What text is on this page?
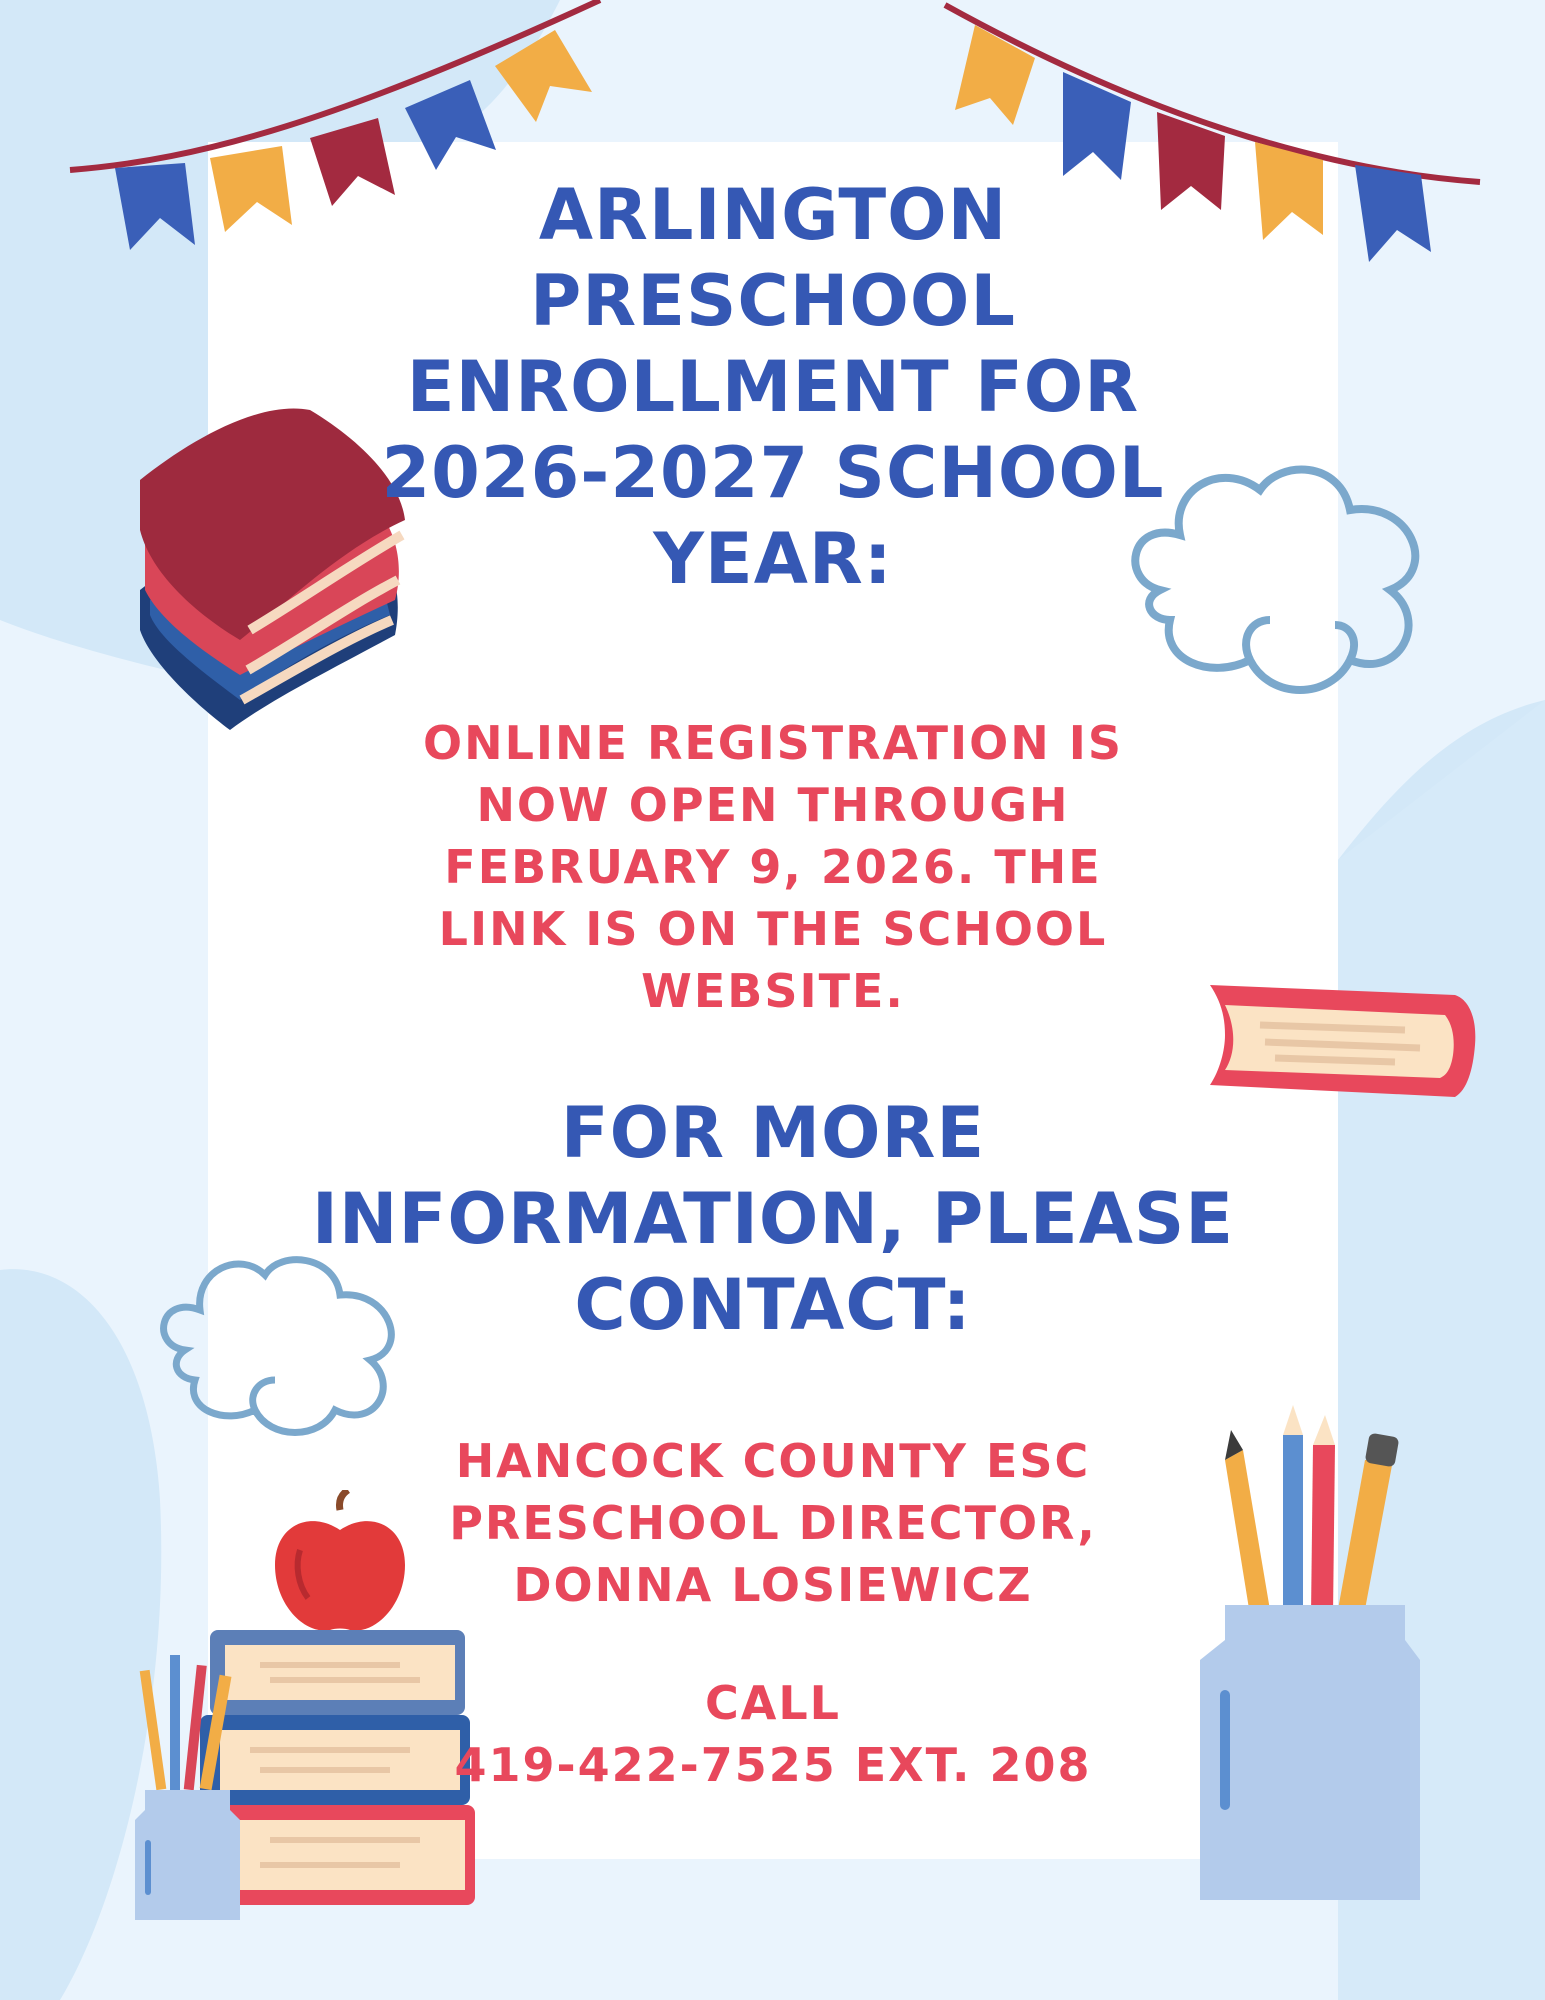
ARLINGTON
PRESCHOOL
ENROLLMENT FOR
2026-2027 SCHOOL
YEAR:

ONLINE REGISTRATION IS
NOW OPEN THROUGH
FEBRUARY 9, 2026. THE
LINK IS ON THE SCHOOL
WEBSITE.

FOR MORE
INFORMATION, PLEASE
CONTACT:

HANCOCK COUNTY ESC
PRESCHOOL DIRECTOR,
DONNA LOSIEWICZ

CALL
419-422-7525 EXT. 208
